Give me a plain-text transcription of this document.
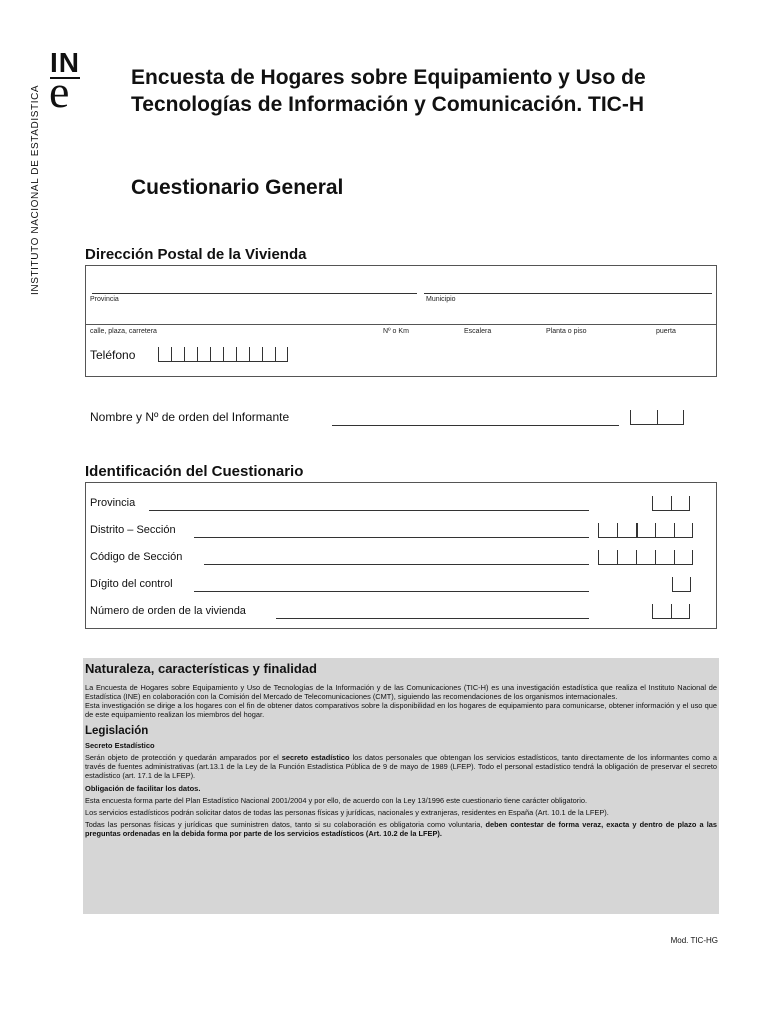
IN
e
INSTITUTO NACIONAL DE ESTADISTICA
Encuesta de Hogares sobre Equipamiento y Uso de Tecnologías de Información y Comunicación. TIC-H
Cuestionario General
Dirección Postal de la Vivienda
Provincia	Municipio
calle, plaza, carretera	Nº o Km	Escalera	Planta o piso	puerta
Teléfono
Nombre y Nº de orden del Informante
Identificación del Cuestionario
Provincia
Distrito – Sección
Código de Sección
Dígito del control
Número de orden de la vivienda
Naturaleza, características y finalidad

La Encuesta de Hogares sobre Equipamiento y Uso de Tecnologías de la Información y de las Comunicaciones (TIC-H) es una investigación estadística que realiza el Instituto Nacional de Estadística (INE) en colaboración con la Comisión del Mercado de Telecomunicaciones (CMT), siguiendo las recomendaciones de los organismos internacionales.

Esta investigación se dirige a los hogares con el fin de obtener datos comparativos sobre la disponibilidad en los hogares de equipamiento para comunicarse, obtener información y el uso que de este equipamiento realizan los miembros del hogar.

Legislación

Secreto Estadístico

Serán objeto de protección y quedarán amparados por el secreto estadístico los datos personales que obtengan los servicios estadísticos, tanto directamente de los informantes como a través de fuentes administrativas (art.13.1 de la Ley de la Función Estadística Pública de 9 de mayo de 1989 (LFEP). Todo el personal estadístico tendrá la obligación de preservar el secreto estadístico (art. 17.1 de la LFEP).

Obligación de facilitar los datos.

Esta encuesta forma parte del Plan Estadístico Nacional 2001/2004 y por ello, de acuerdo con la Ley 13/1996 este cuestionario tiene carácter obligatorio.

Los servicios estadísticos podrán solicitar datos de todas las personas físicas y jurídicas, nacionales y extranjeras, residentes en España (Art. 10.1 de la LFEP).

Todas las personas físicas y jurídicas que suministren datos, tanto si su colaboración es obligatoria como voluntaria, deben contestar de forma veraz, exacta y dentro de plazo a las preguntas ordenadas en la debida forma por parte de los servicios estadísticos (Art. 10.2 de la LFEP).

Mod. TIC-HG
